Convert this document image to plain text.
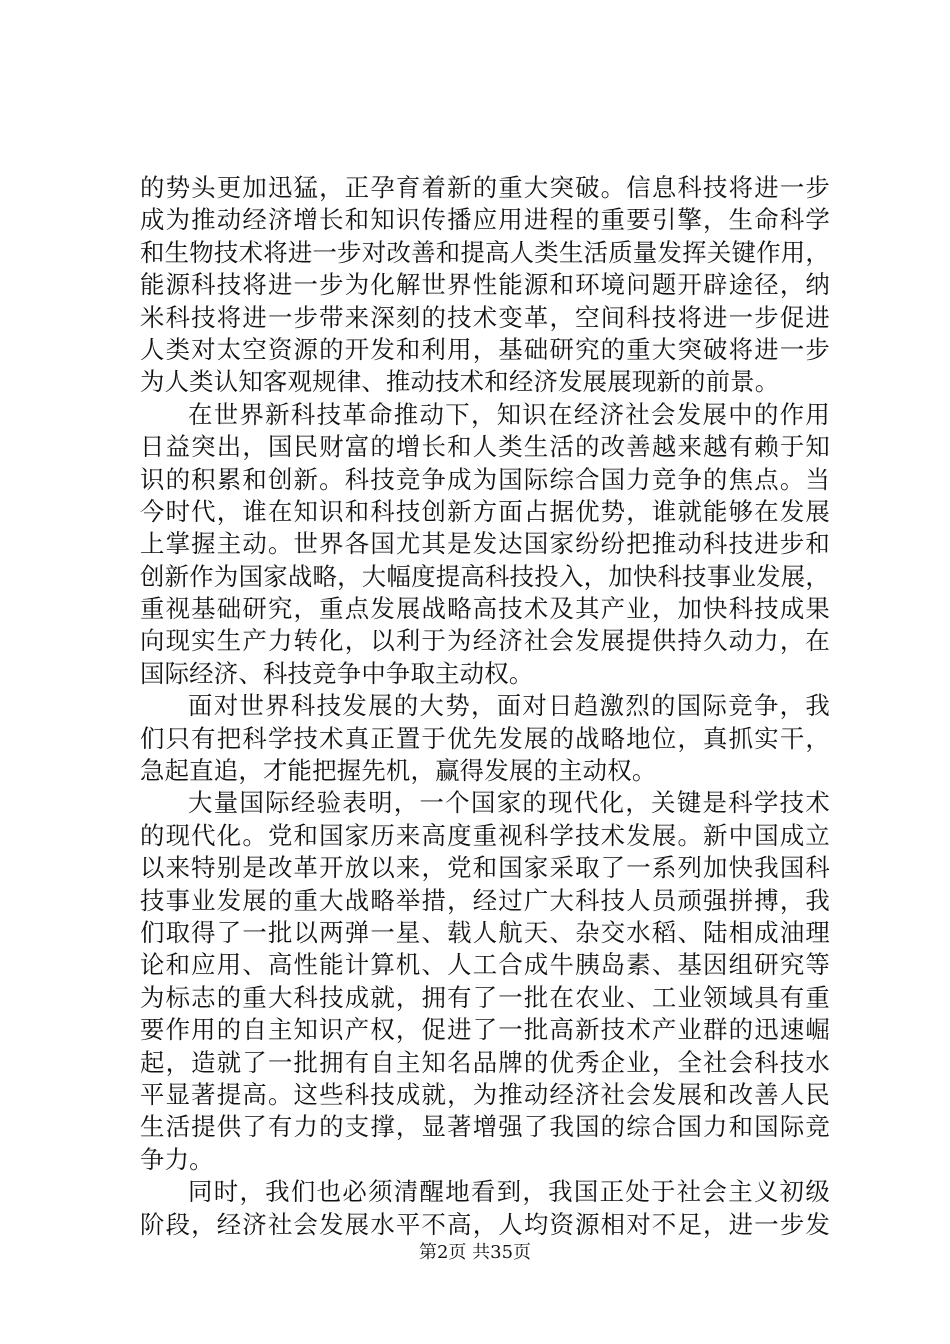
的势头更加迅猛，正孕育着新的重大突破。信息科技将进一步
成为推动经济增长和知识传播应用进程的重要引擎，生命科学
和生物技术将进一步对改善和提高人类生活质量发挥关键作用，
能源科技将进一步为化解世界性能源和环境问题开辟途径，纳
米科技将进一步带来深刻的技术变革，空间科技将进一步促进
人类对太空资源的开发和利用，基础研究的重大突破将进一步
为人类认知客观规律、推动技术和经济发展展现新的前景。
在世界新科技革命推动下，知识在经济社会发展中的作用
日益突出，国民财富的增长和人类生活的改善越来越有赖于知
识的积累和创新。科技竞争成为国际综合国力竞争的焦点。当
今时代，谁在知识和科技创新方面占据优势，谁就能够在发展
上掌握主动。世界各国尤其是发达国家纷纷把推动科技进步和
创新作为国家战略，大幅度提高科技投入，加快科技事业发展，
重视基础研究，重点发展战略高技术及其产业，加快科技成果
向现实生产力转化，以利于为经济社会发展提供持久动力，在
国际经济、科技竞争中争取主动权。
面对世界科技发展的大势，面对日趋激烈的国际竞争，我
们只有把科学技术真正置于优先发展的战略地位，真抓实干，
急起直追，才能把握先机，赢得发展的主动权。
大量国际经验表明，一个国家的现代化，关键是科学技术
的现代化。党和国家历来高度重视科学技术发展。新中国成立
以来特别是改革开放以来，党和国家采取了一系列加快我国科
技事业发展的重大战略举措，经过广大科技人员顽强拼搏，我
们取得了一批以两弹一星、载人航天、杂交水稻、陆相成油理
论和应用、高性能计算机、人工合成牛胰岛素、基因组研究等
为标志的重大科技成就，拥有了一批在农业、工业领域具有重
要作用的自主知识产权，促进了一批高新技术产业群的迅速崛
起，造就了一批拥有自主知名品牌的优秀企业，全社会科技水
平显著提高。这些科技成就，为推动经济社会发展和改善人民
生活提供了有力的支撑，显著增强了我国的综合国力和国际竞
争力。
同时，我们也必须清醒地看到，我国正处于社会主义初级
阶段，经济社会发展水平不高，人均资源相对不足，进一步发
第2页 共35页
